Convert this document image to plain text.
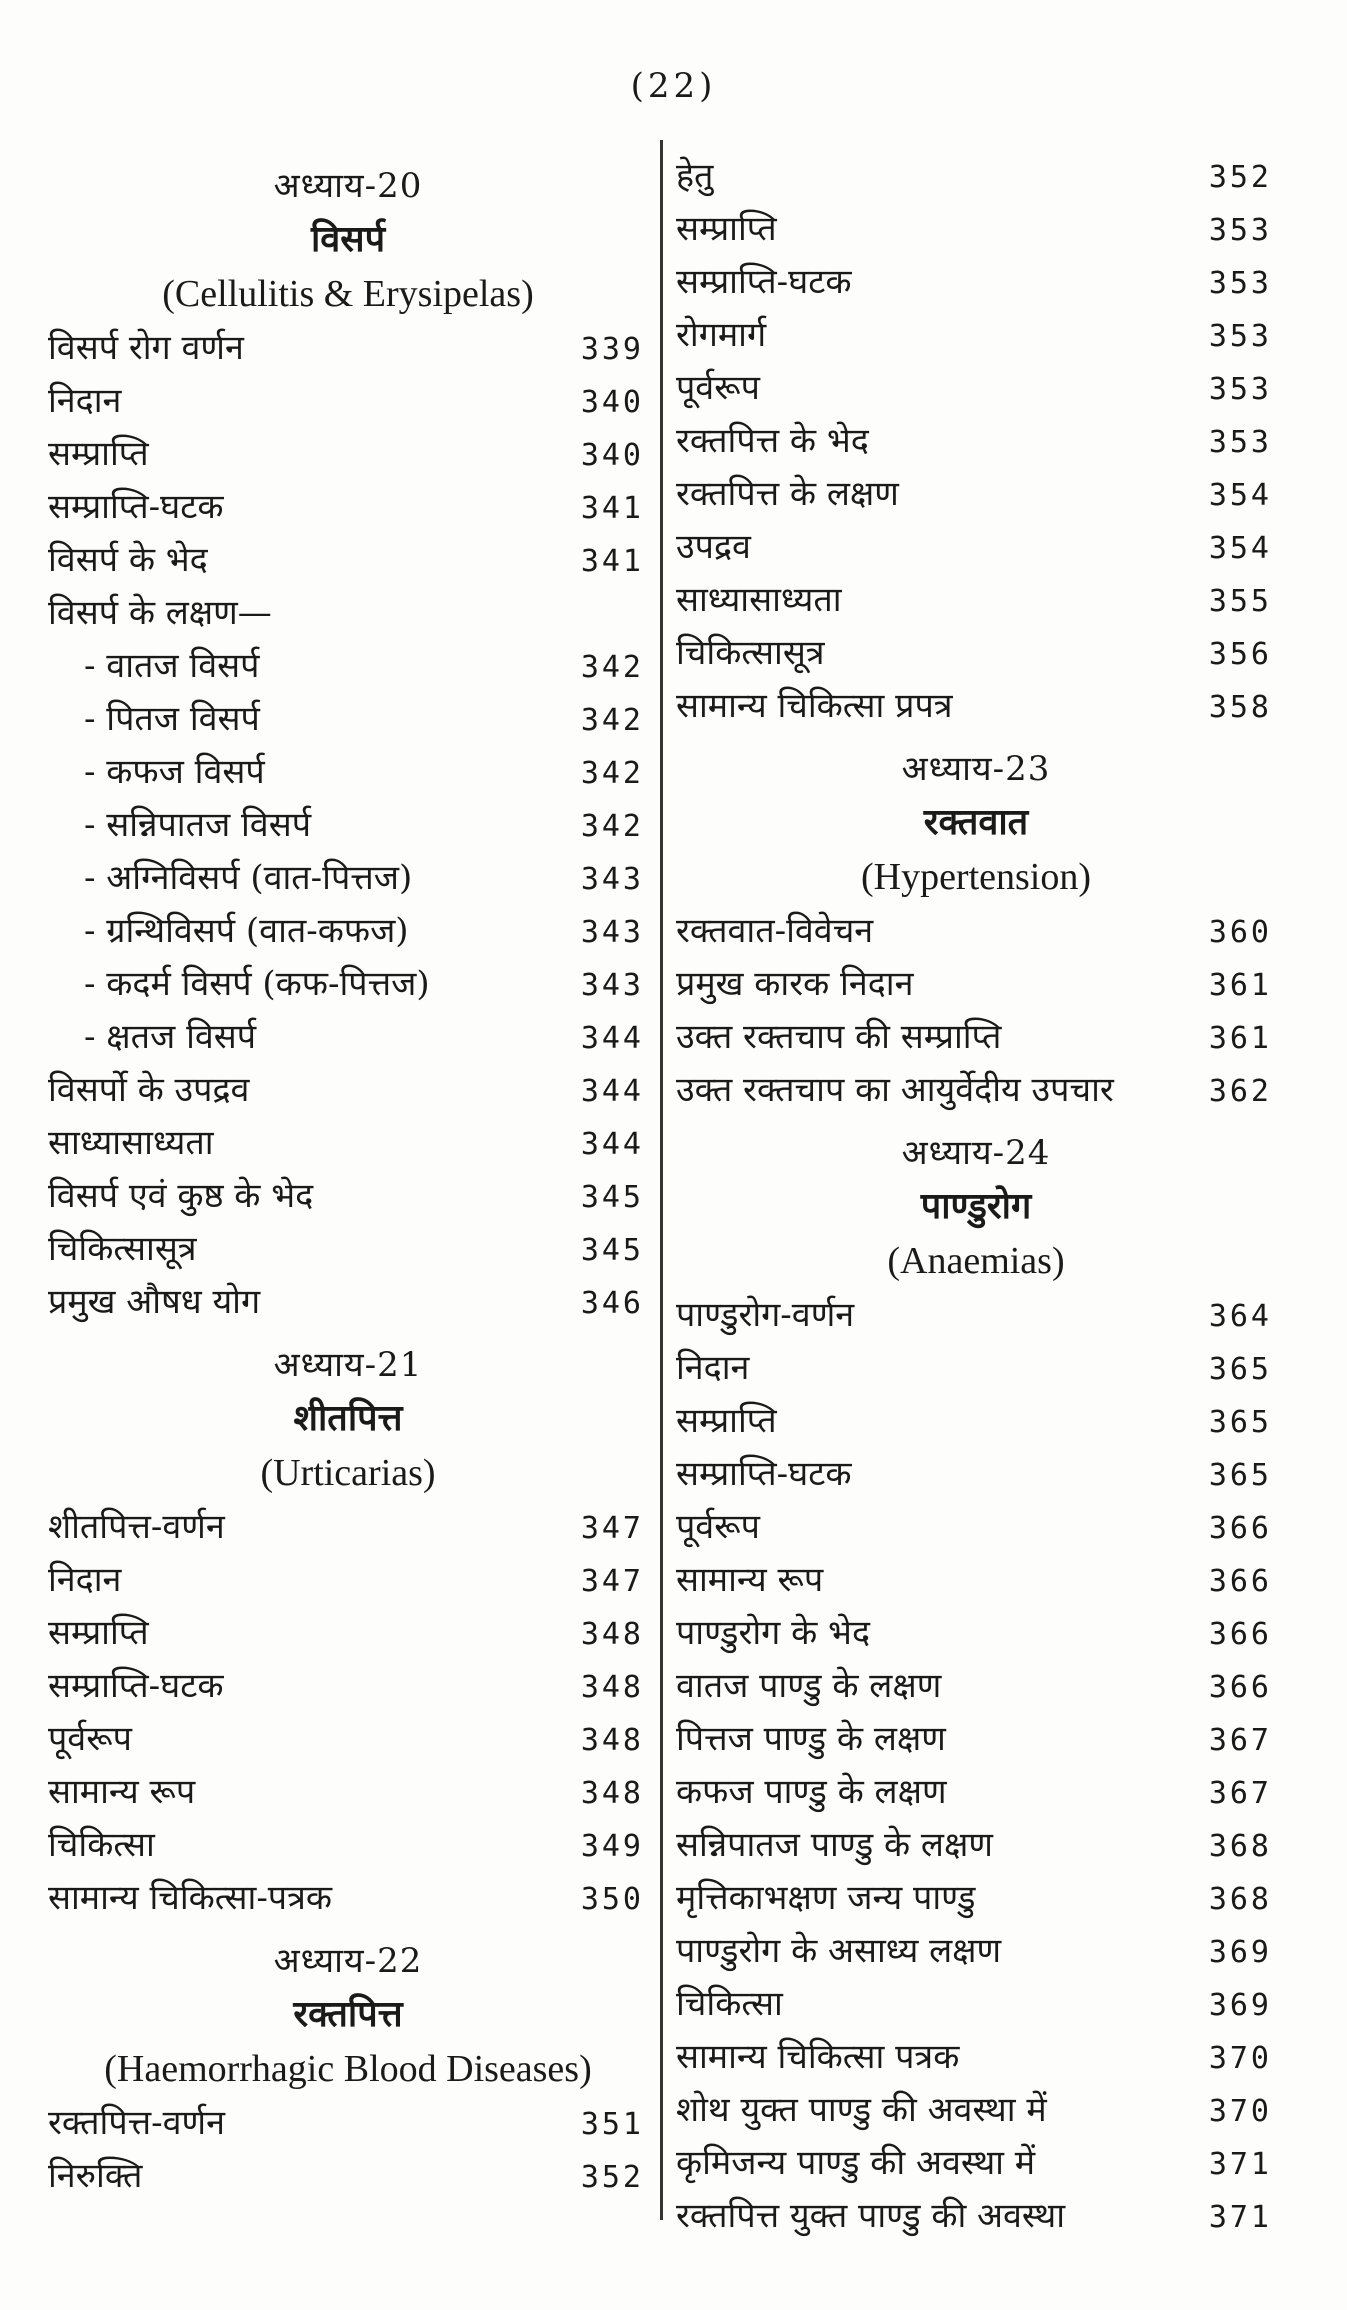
(22)
अध्याय-20
विसर्प
(Cellulitis & Erysipelas)
विसर्प रोग वर्णन	339
निदान	340
सम्प्राप्ति	340
सम्प्राप्ति-घटक	341
विसर्प के भेद	341
विसर्प के लक्षण—
- वातज विसर्प	342
- पितज विसर्प	342
- कफज विसर्प	342
- सन्निपातज विसर्प	342
- अग्निविसर्प (वात-पित्तज)	343
- ग्रन्थिविसर्प (वात-कफज)	343
- कदर्म विसर्प (कफ-पित्तज)	343
- क्षतज विसर्प	344
विसर्पो के उपद्रव	344
साध्यासाध्यता	344
विसर्प एवं कुष्ठ के भेद	345
चिकित्सासूत्र	345
प्रमुख औषध योग	346
अध्याय-21
शीतपित्त
(Urticarias)
शीतपित्त-वर्णन	347
निदान	347
सम्प्राप्ति	348
सम्प्राप्ति-घटक	348
पूर्वरूप	348
सामान्य रूप	348
चिकित्सा	349
सामान्य चिकित्सा-पत्रक	350
अध्याय-22
रक्तपित्त
(Haemorrhagic Blood Diseases)
रक्तपित्त-वर्णन	351
निरुक्ति	352
हेतु	352
सम्प्राप्ति	353
सम्प्राप्ति-घटक	353
रोगमार्ग	353
पूर्वरूप	353
रक्तपित्त के भेद	353
रक्तपित्त के लक्षण	354
उपद्रव	354
साध्यासाध्यता	355
चिकित्सासूत्र	356
सामान्य चिकित्सा प्रपत्र	358
अध्याय-23
रक्तवात
(Hypertension)
रक्तवात-विवेचन	360
प्रमुख कारक निदान	361
उक्त रक्तचाप की सम्प्राप्ति	361
उक्त रक्तचाप का आयुर्वेदीय उपचार	362
अध्याय-24
पाण्डुरोग
(Anaemias)
पाण्डुरोग-वर्णन	364
निदान	365
सम्प्राप्ति	365
सम्प्राप्ति-घटक	365
पूर्वरूप	366
सामान्य रूप	366
पाण्डुरोग के भेद	366
वातज पाण्डु के लक्षण	366
पित्तज पाण्डु के लक्षण	367
कफज पाण्डु के लक्षण	367
सन्निपातज पाण्डु के लक्षण	368
मृत्तिकाभक्षण जन्य पाण्डु	368
पाण्डुरोग के असाध्य लक्षण	369
चिकित्सा	369
सामान्य चिकित्सा पत्रक	370
शोथ युक्त पाण्डु की अवस्था में	370
कृमिजन्य पाण्डु की अवस्था में	371
रक्तपित्त युक्त पाण्डु की अवस्था	371
